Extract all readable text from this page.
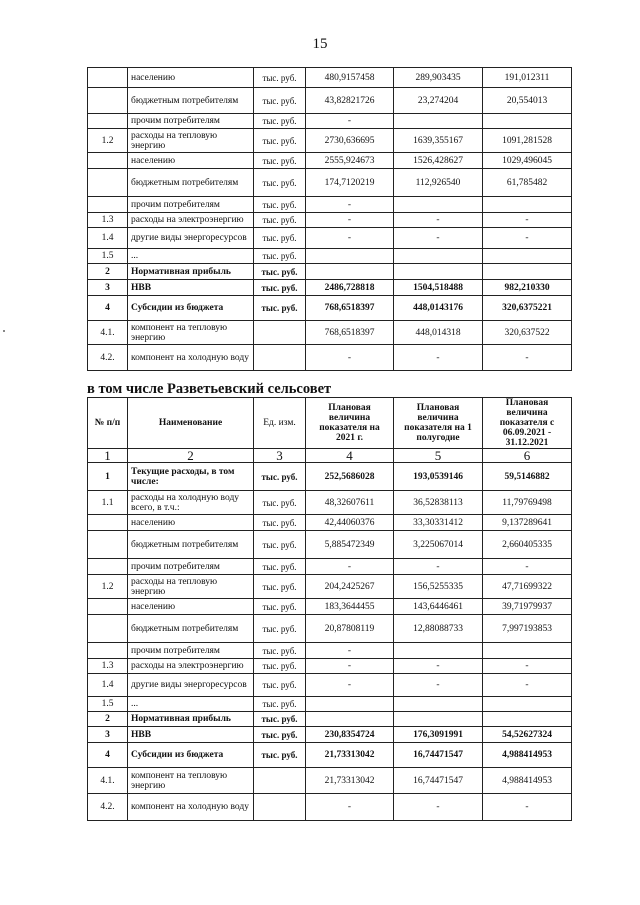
15
	населению	тыс. руб.	480,9157458	289,903435	191,012311
	бюджетным потребителям	тыс. руб.	43,82821726	23,274204	20,554013
	прочим потребителям	тыс. руб.	-		
1.2	расходы на тепловую энергию	тыс. руб.	2730,636695	1639,355167	1091,281528
	населению	тыс. руб.	2555,924673	1526,428627	1029,496045
	бюджетным потребителям	тыс. руб.	174,7120219	112,926540	61,785482
	прочим потребителям	тыс. руб.	-		
1.3	расходы на электроэнергию	тыс. руб.	-	-	-
1.4	другие виды энергоресурсов	тыс. руб.	-	-	-
1.5	...	тыс. руб.			
2	Нормативная прибыль	тыс. руб.			
3	НВВ	тыс. руб.	2486,728818	1504,518488	982,210330
4	Субсидии из бюджета	тыс. руб.	768,6518397	448,0143176	320,6375221
4.1.	компонент на тепловую энергию		768,6518397	448,014318	320,637522
4.2.	компонент на холодную воду		-	-	-
в том числе Разветьевский сельсовет
№ п/п	Наименование	Ед. изм.	Плановая величина показателя на 2021 г.	Плановая величина показателя на 1 полугодие	Плановая величина показателя с 06.09.2021 - 31.12.2021
1	2	3	4	5	6
1	Текущие расходы, в том числе:	тыс. руб.	252,5686028	193,0539146	59,5146882
1.1	расходы на холодную воду всего, в т.ч.:	тыс. руб.	48,32607611	36,52838113	11,79769498
	населению	тыс. руб.	42,44060376	33,30331412	9,137289641
	бюджетным потребителям	тыс. руб.	5,885472349	3,225067014	2,660405335
	прочим потребителям	тыс. руб.	-	-	-
1.2	расходы на тепловую энергию	тыс. руб.	204,2425267	156,5255335	47,71699322
	населению	тыс. руб.	183,3644455	143,6446461	39,71979937
	бюджетным потребителям	тыс. руб.	20,87808119	12,88088733	7,997193853
	прочим потребителям	тыс. руб.	-		
1.3	расходы на электроэнергию	тыс. руб.	-	-	-
1.4	другие виды энергоресурсов	тыс. руб.	-	-	-
1.5	...	тыс. руб.			
2	Нормативная прибыль	тыс. руб.			
3	НВВ	тыс. руб.	230,8354724	176,3091991	54,52627324
4	Субсидии из бюджета	тыс. руб.	21,73313042	16,74471547	4,988414953
4.1.	компонент на тепловую энергию		21,73313042	16,74471547	4,988414953
4.2.	компонент на холодную воду		-	-	-
